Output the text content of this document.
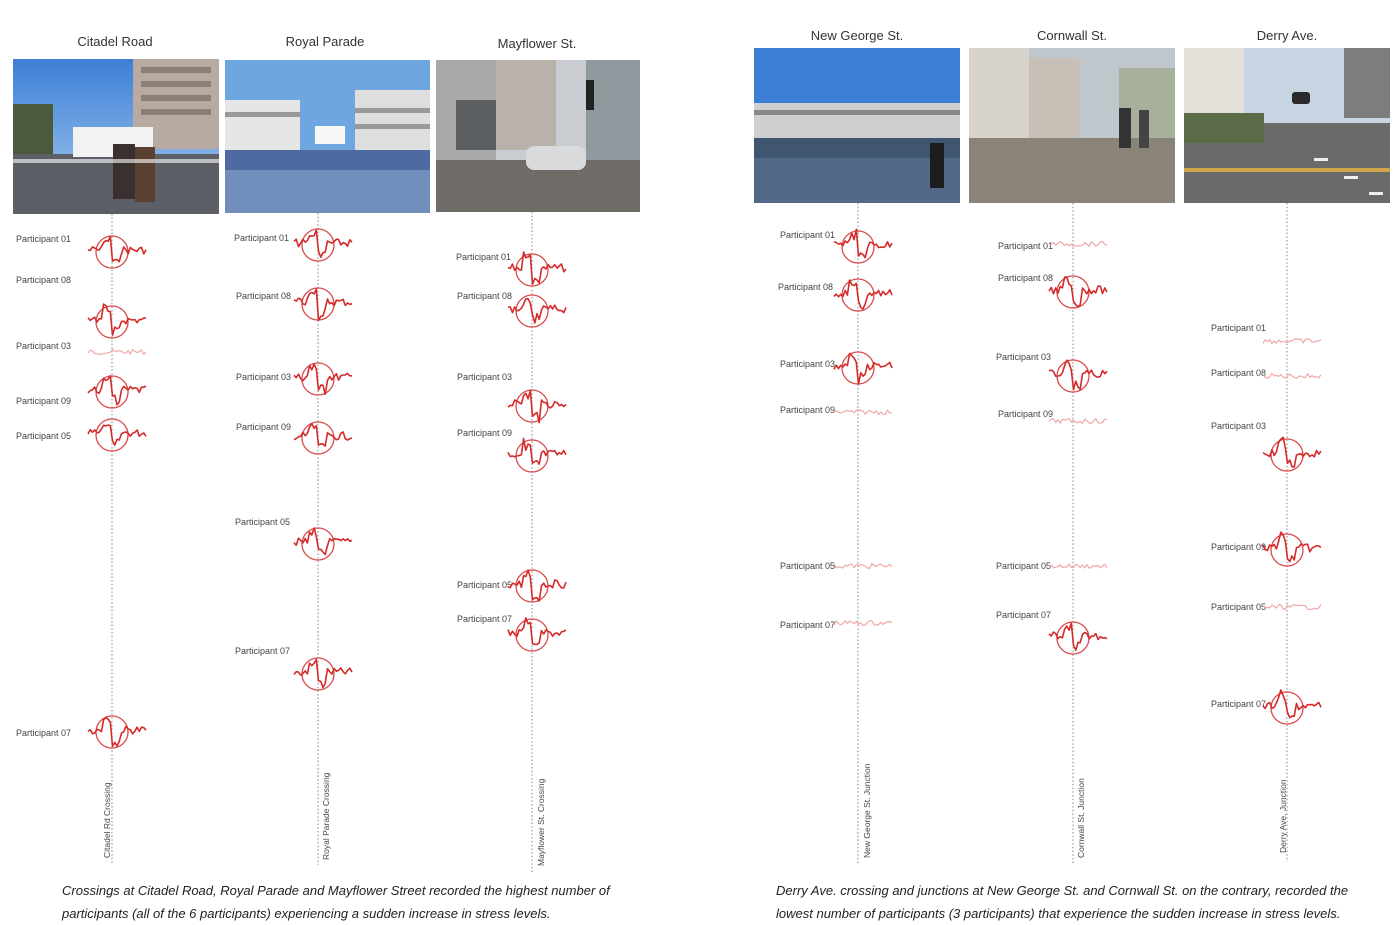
Citadel Road	Royal Parade	Mayflower St.
New George St.	Cornwall St.	Derry Ave.
Participant 01
Participant 08
Participant 03
Participant 09
Participant 05
Participant 07
Participant 01
Participant 08
Participant 03
Participant 09
Participant 05
Participant 07
Participant 01
Participant 08
Participant 03
Participant 09
Participant 05
Participant 07
Participant 01
Participant 08
Participant 03
Participant 09
Participant 05
Participant 07
Participant 01
Participant 08
Participant 03
Participant 09
Participant 05
Participant 07
Participant 01
Participant 08
Participant 03
Participant 09
Participant 05
Participant 07
Citadel Rd Crossing	Royal Parade Crossing	Mayflower St. Crossing	New George St. Junction	Cornwall St. Junction	Derry Ave. Junction
Crossings at Citadel Road, Royal Parade and Mayflower Street recorded the highest number of participants (all of the 6 participants) experiencing a sudden increase in stress levels.
Derry Ave. crossing and junctions at New George St. and Cornwall St. on the contrary, recorded the lowest number of participants (3 participants) that experience the sudden increase in stress levels.
